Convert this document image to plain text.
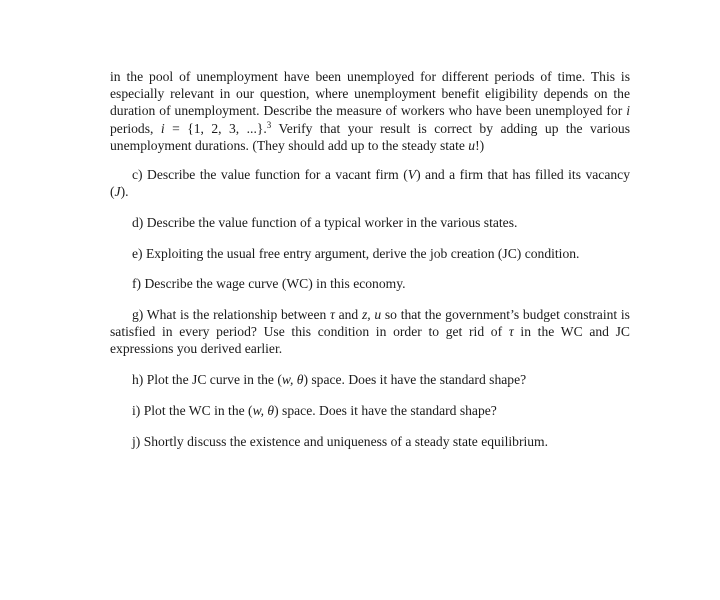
in the pool of unemployment have been unemployed for different periods of time. This is especially relevant in our question, where unemployment benefit eligibility depends on the duration of unemployment. Describe the measure of workers who have been unemployed for i periods, i = {1, 2, 3, ...}.$^3$ Verify that your result is correct by adding up the various unemployment durations. (They should add up to the steady state u!)

c) Describe the value function for a vacant firm (V) and a firm that has filled its vacancy (J).

d) Describe the value function of a typical worker in the various states.

e) Exploiting the usual free entry argument, derive the job creation (JC) condition.

f) Describe the wage curve (WC) in this economy.

g) What is the relationship between τ and z, u so that the government’s budget constraint is satisfied in every period? Use this condition in order to get rid of τ in the WC and JC expressions you derived earlier.

h) Plot the JC curve in the (w, θ) space. Does it have the standard shape?

i) Plot the WC in the (w, θ) space. Does it have the standard shape?

j) Shortly discuss the existence and uniqueness of a steady state equilibrium.
